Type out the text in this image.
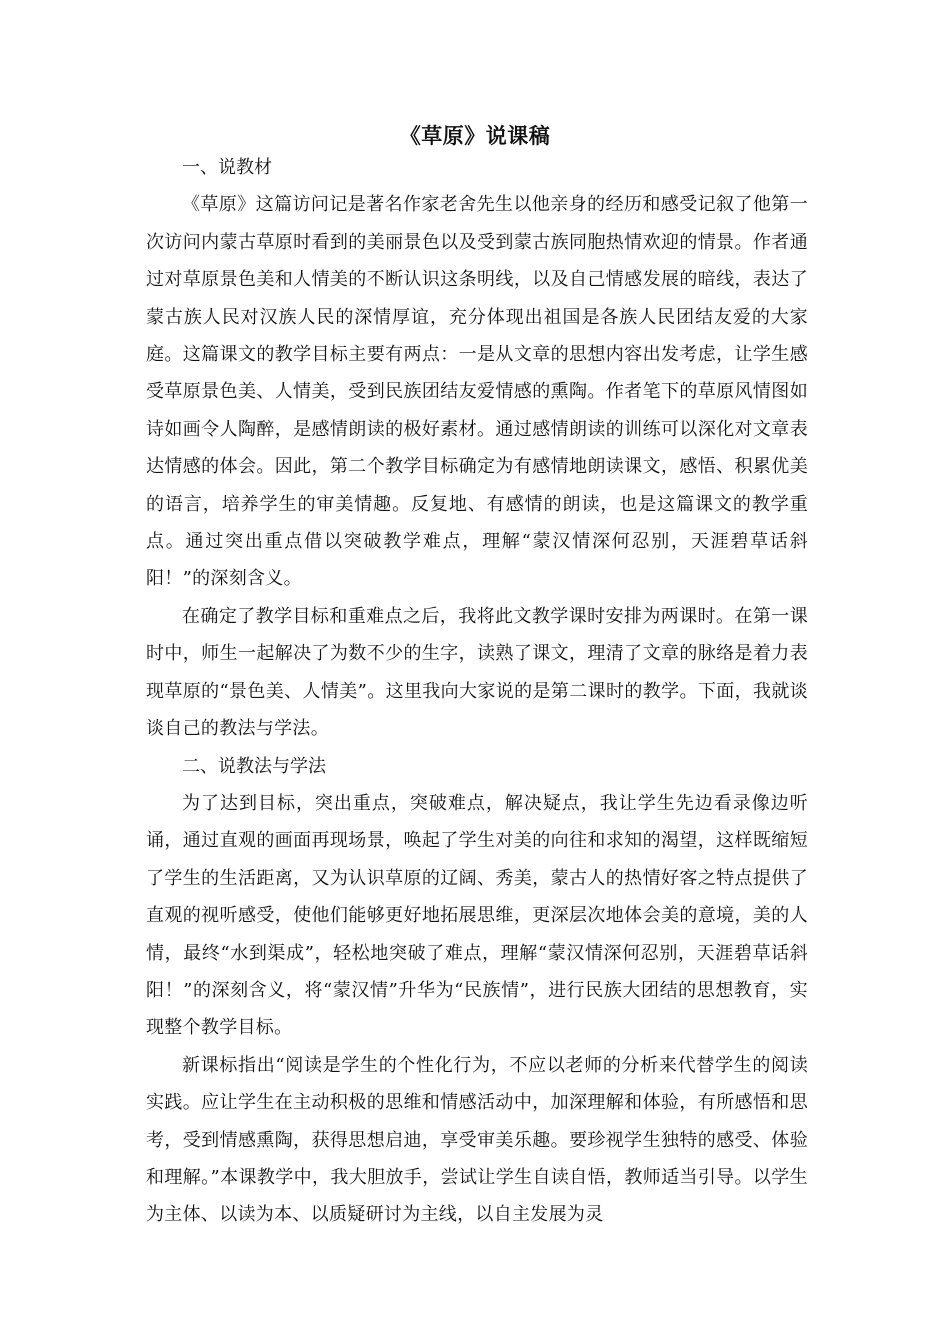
《草原》说课稿

一、说教材

《草原》这篇访问记是著名作家老舍先生以他亲身的经历和感受记叙了他第一次访问内蒙古草原时看到的美丽景色以及受到蒙古族同胞热情欢迎的情景。作者通过对草原景色美和人情美的不断认识这条明线，以及自己情感发展的暗线，表达了蒙古族人民对汉族人民的深情厚谊，充分体现出祖国是各族人民团结友爱的大家庭。这篇课文的教学目标主要有两点：一是从文章的思想内容出发考虑，让学生感受草原景色美、人情美，受到民族团结友爱情感的熏陶。作者笔下的草原风情图如诗如画令人陶醉，是感情朗读的极好素材。通过感情朗读的训练可以深化对文章表达情感的体会。因此，第二个教学目标确定为有感情地朗读课文，感悟、积累优美的语言，培养学生的审美情趣。反复地、有感情的朗读，也是这篇课文的教学重点。通过突出重点借以突破教学难点，理解“蒙汉情深何忍别，天涯碧草话斜阳！”的深刻含义。

在确定了教学目标和重难点之后，我将此文教学课时安排为两课时。在第一课时中，师生一起解决了为数不少的生字，读熟了课文，理清了文章的脉络是着力表现草原的“景色美、人情美”。这里我向大家说的是第二课时的教学。下面，我就谈谈自己的教法与学法。

二、说教法与学法

为了达到目标，突出重点，突破难点，解决疑点，我让学生先边看录像边听诵，通过直观的画面再现场景，唤起了学生对美的向往和求知的渴望，这样既缩短了学生的生活距离，又为认识草原的辽阔、秀美，蒙古人的热情好客之特点提供了直观的视听感受，使他们能够更好地拓展思维，更深层次地体会美的意境，美的人情，最终“水到渠成”，轻松地突破了难点，理解“蒙汉情深何忍别，天涯碧草话斜阳！”的深刻含义，将“蒙汉情”升华为“民族情”，进行民族大团结的思想教育，实现整个教学目标。

新课标指出“阅读是学生的个性化行为，不应以老师的分析来代替学生的阅读实践。应让学生在主动积极的思维和情感活动中，加深理解和体验，有所感悟和思考，受到情感熏陶，获得思想启迪，享受审美乐趣。要珍视学生独特的感受、体验和理解。”本课教学中，我大胆放手，尝试让学生自读自悟，教师适当引导。以学生为主体、以读为本、以质疑研讨为主线，以自主发展为灵
